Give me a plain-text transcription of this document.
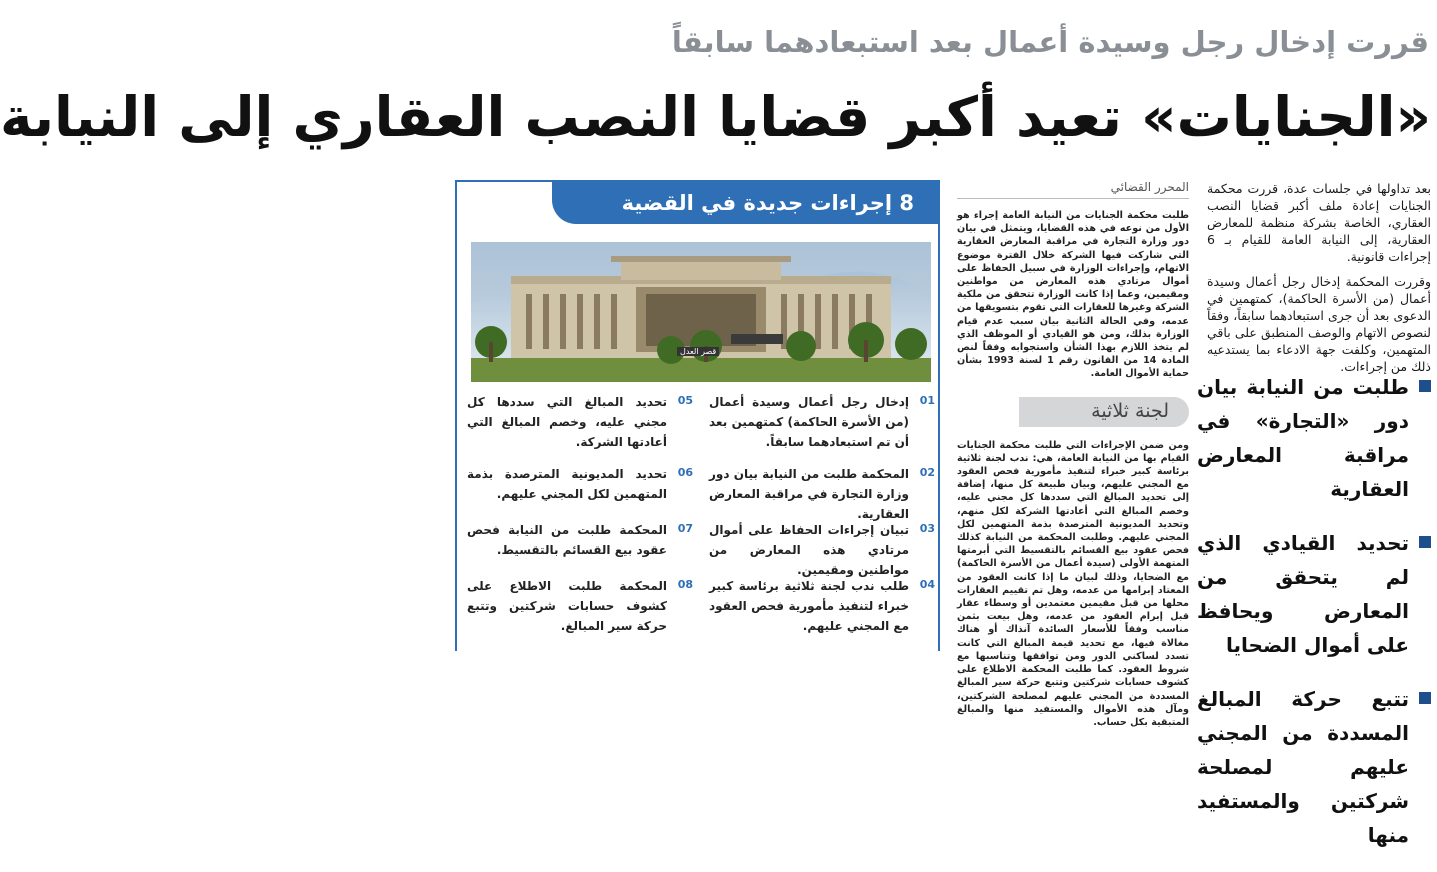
قررت إدخال رجل وسيدة أعمال بعد استبعادهما سابقاً
«الجنايات» تعيد أكبر قضايا النصب العقاري إلى النيابة

بعد تداولها في جلسات عدة، قررت محكمة الجنايات إعادة ملف أكبر قضايا النصب العقاري، الخاصة بشركة منظمة للمعارض العقارية، إلى النيابة العامة للقيام بـ 6 إجراءات قانونية.

وقررت المحكمة إدخال رجل أعمال وسيدة أعمال (من الأسرة الحاكمة)، كمتهمين في الدعوى بعد أن جرى استبعادهما سابقاً، وفقاً لنصوص الاتهام والوصف المنطبق على باقي المتهمين، وكلفت جهة الادعاء بما يستدعيه ذلك من إجراءات.

طلبت من النيابة بيان دور «التجارة» في مراقبة المعارض العقارية
تحديد القيادي الذي لم يتحقق من المعارض ويحافظ على أموال الضحايا
تتبع حركة المبالغ المسددة من المجني عليهم لمصلحة شركتين والمستفيد منها
المحرر القضائي

طلبت محكمة الجنايات من النيابة العامة إجراء هو الأول من نوعه في هذه القضايا، ويتمثل في بيان دور وزارة التجارة في مراقبة المعارض العقارية التي شاركت فيها الشركة خلال الفترة موضوع الاتهام، وإجراءات الوزارة في سبيل الحفاظ على أموال مرتادي هذه المعارض من مواطنين ومقيمين، وعما إذا كانت الوزارة تتحقق من ملكية الشركة وغيرها للعقارات التي تقوم بتسويقها من عدمه، وفي الحالة الثانية بيان سبب عدم قيام الوزارة بذلك، ومن هو القيادي أو الموظف الذي لم يتخذ اللازم بهذا الشأن واستجوابه وفقاً لنص المادة 14 من القانون رقم 1 لسنة 1993 بشأن حماية الأموال العامة.

لجنة ثلاثية

ومن ضمن الإجراءات التي طلبت محكمة الجنايات القيام بها من النيابة العامة، هي: ندب لجنة ثلاثية برئاسة كبير خبراء لتنفيذ مأمورية فحص العقود مع المجني عليهم، وبيان طبيعة كل منها، إضافة إلى تحديد المبالغ التي سددها كل مجني عليه، وخصم المبالغ التي أعادتها الشركة لكل منهم، وتحديد المديونية المترصدة بذمة المتهمين لكل المجني عليهم. وطلبت المحكمة من النيابة كذلك فحص عقود بيع القسائم بالتقسيط التي أبرمتها المتهمة الأولى (سيدة أعمال من الأسرة الحاكمة) مع الضحايا، وذلك لبيان ما إذا كانت العقود من المعتاد إبرامها من عدمه، وهل تم تقييم العقارات محلها من قبل مقيمين معتمدين أو وسطاء عقار قبل إبرام العقود من عدمه، وهل بيعت بثمن مناسب وفقاً للأسعار السائدة آنذاك أو هناك مغالاة فيها، مع تحديد قيمة المبالغ التي كانت تسدد لساكني الدور ومن توافقها وتناسبها مع شروط العقود. كما طلبت المحكمة الاطلاع على كشوف حسابات شركتين وتتبع حركة سير المبالغ المسددة من المجني عليهم لمصلحة الشركتين، ومآل هذه الأموال والمستفيد منها والمبالغ المتبقية بكل حساب.

8 إجراءات جديدة في القضية
قصر العدل
01
إدخال رجل أعمال وسيدة أعمال (من الأسرة الحاكمة) كمتهمين بعد أن تم استبعادهما سابقاً.
02
المحكمة طلبت من النيابة بيان دور وزارة التجارة في مراقبة المعارض العقارية.
03
تبيان إجراءات الحفاظ على أموال مرتادي هذه المعارض من مواطنين ومقيمين.
04
طلب ندب لجنة ثلاثية برئاسة كبير خبراء لتنفيذ مأمورية فحص العقود مع المجني عليهم.
05
تحديد المبالغ التي سددها كل مجني عليه، وخصم المبالغ التي أعادتها الشركة.
06
تحديد المديونية المترصدة بذمة المتهمين لكل المجني عليهم.
07
المحكمة طلبت من النيابة فحص عقود بيع القسائم بالتقسيط.
08
المحكمة طلبت الاطلاع على كشوف حسابات شركتين وتتبع حركة سير المبالغ.
